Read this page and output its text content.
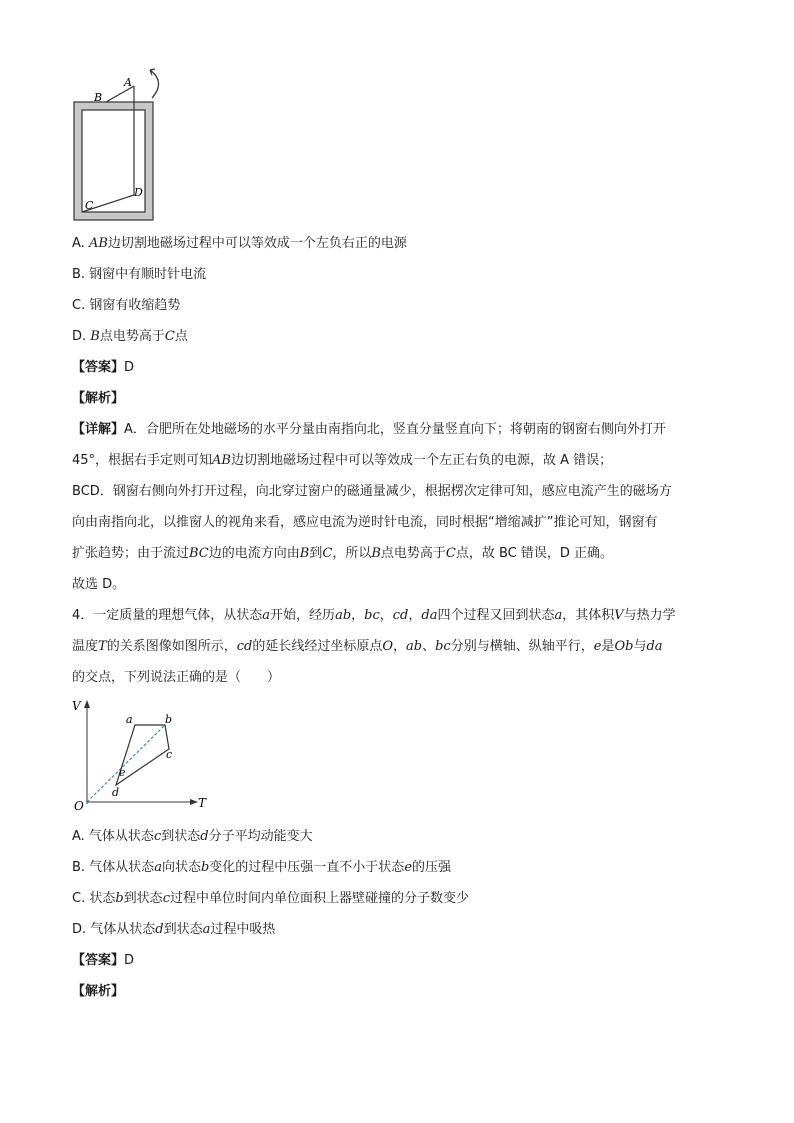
A
B
C
D
A. AB边切割地磁场过程中可以等效成一个左负右正的电源
B. 钢窗中有顺时针电流
C. 钢窗有收缩趋势
D. B点电势高于C点
【答案】D
【解析】
【详解】A．合肥所在处地磁场的水平分量由南指向北，竖直分量竖直向下；将朝南的钢窗右侧向外打开
45°，根据右手定则可知AB边切割地磁场过程中可以等效成一个左正右负的电源，故 A 错误；
BCD．钢窗右侧向外打开过程，向北穿过窗户的磁通量减少，根据楞次定律可知，感应电流产生的磁场方
向由南指向北，以推窗人的视角来看，感应电流为逆时针电流，同时根据“增缩减扩”推论可知，钢窗有
扩张趋势；由于流过BC边的电流方向由B到C，所以B点电势高于C点，故 BC 错误，D 正确。
故选 D。
4．一定质量的理想气体，从状态a开始，经历ab，bc，cd，da四个过程又回到状态a，其体积V与热力学
温度T的关系图像如图所示，cd的延长线经过坐标原点O，ab、bc分别与横轴、纵轴平行，e是Ob与da
的交点，下列说法正确的是（　　）
V
T
O
a	b
c
d
e
A. 气体从状态c到状态d分子平均动能变大
B. 气体从状态a向状态b变化的过程中压强一直不小于状态e的压强
C. 状态b到状态c过程中单位时间内单位面积上器壁碰撞的分子数变少
D. 气体从状态d到状态a过程中吸热
【答案】D
【解析】
